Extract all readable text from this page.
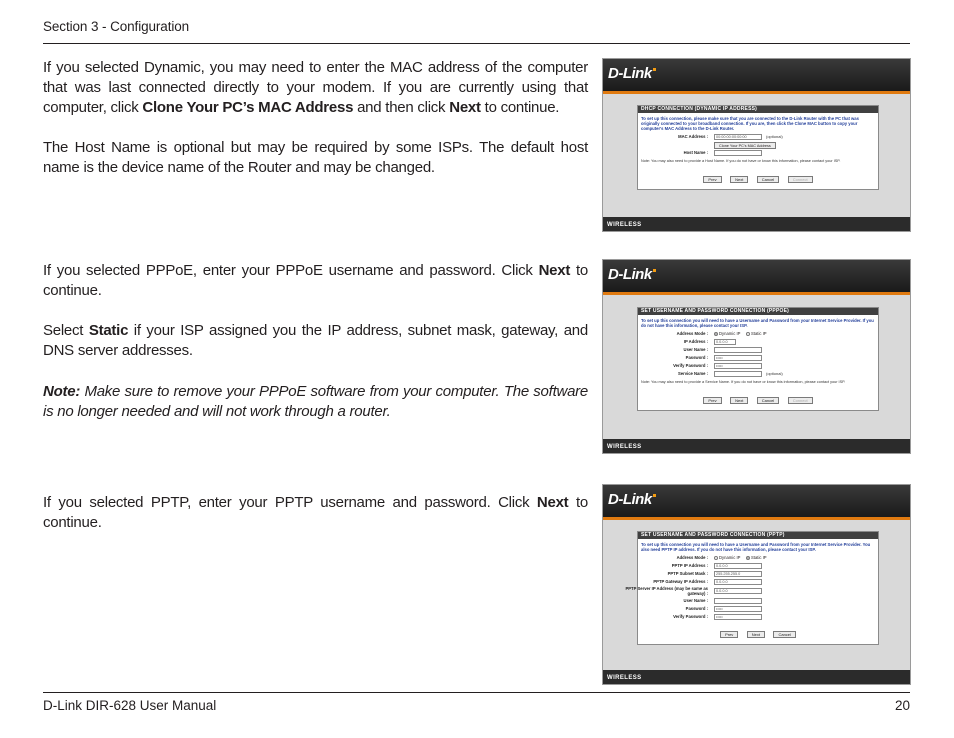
Section 3 - Configuration

If you selected Dynamic, you may need to enter the MAC address of the computer that was last connected directly to your modem. If you are currently using that computer, click Clone Your PC’s MAC Address and then click Next to continue.

The Host Name is optional but may be required by some ISPs. The default host name is the device name of the Router and may be changed.

If you selected PPPoE, enter your PPPoE username and password. Click Next to continue.

Select Static if your ISP assigned you the IP address, subnet mask, gateway, and DNS server addresses.

Note: Make sure to remove your PPPoE software from your computer. The software is no longer needed and will not work through a router.

If you selected PPTP, enter your PPTP username and password. Click Next to continue.

D-Link
DHCP CONNECTION (DYNAMIC IP ADDRESS)
To set up this connection, please make sure that you are connected to the D-Link Router with the PC that was originally connected to your broadband connection. If you are, then click the Clone MAC button to copy your computer's MAC Address to the D-Link Router.
MAC Address :	00:00:00:00:00:00	(optional)
Clone Your PC's MAC Address
Host Name :
Note: You may also need to provide a Host Name. If you do not have or know this information, please contact your ISP.
Prev	Next	Cancel	Connect
WIRELESS
D-Link
SET USERNAME AND PASSWORD CONNECTION (PPPOE)
To set up this connection you will need to have a Username and Password from your Internet Service Provider. If you do not have this information, please contact your ISP.
Address Mode :	Dynamic IP	Static IP
IP Address :	0.0.0.0
User Name :
Password :	•••••
Verify Password :	•••••
Service Name :	(optional)
Note: You may also need to provide a Service Name. If you do not have or know this information, please contact your ISP.
Prev	Next	Cancel	Connect
WIRELESS
D-Link
SET USERNAME AND PASSWORD CONNECTION (PPTP)
To set up this connection you will need to have a Username and Password from your Internet Service Provider. You also need PPTP IP address. If you do not have this information, please contact your ISP.
Address Mode :	Dynamic IP	Static IP
PPTP IP Address :	0.0.0.0
PPTP Subnet Mask :	255.255.255.0
PPTP Gateway IP Address :	0.0.0.0
PPTP Server IP Address (may be same as gateway) :	0.0.0.0
User Name :
Password :	•••••
Verify Password :	•••••
Prev	Next	Cancel
WIRELESS
D-Link DIR-628 User Manual	20
